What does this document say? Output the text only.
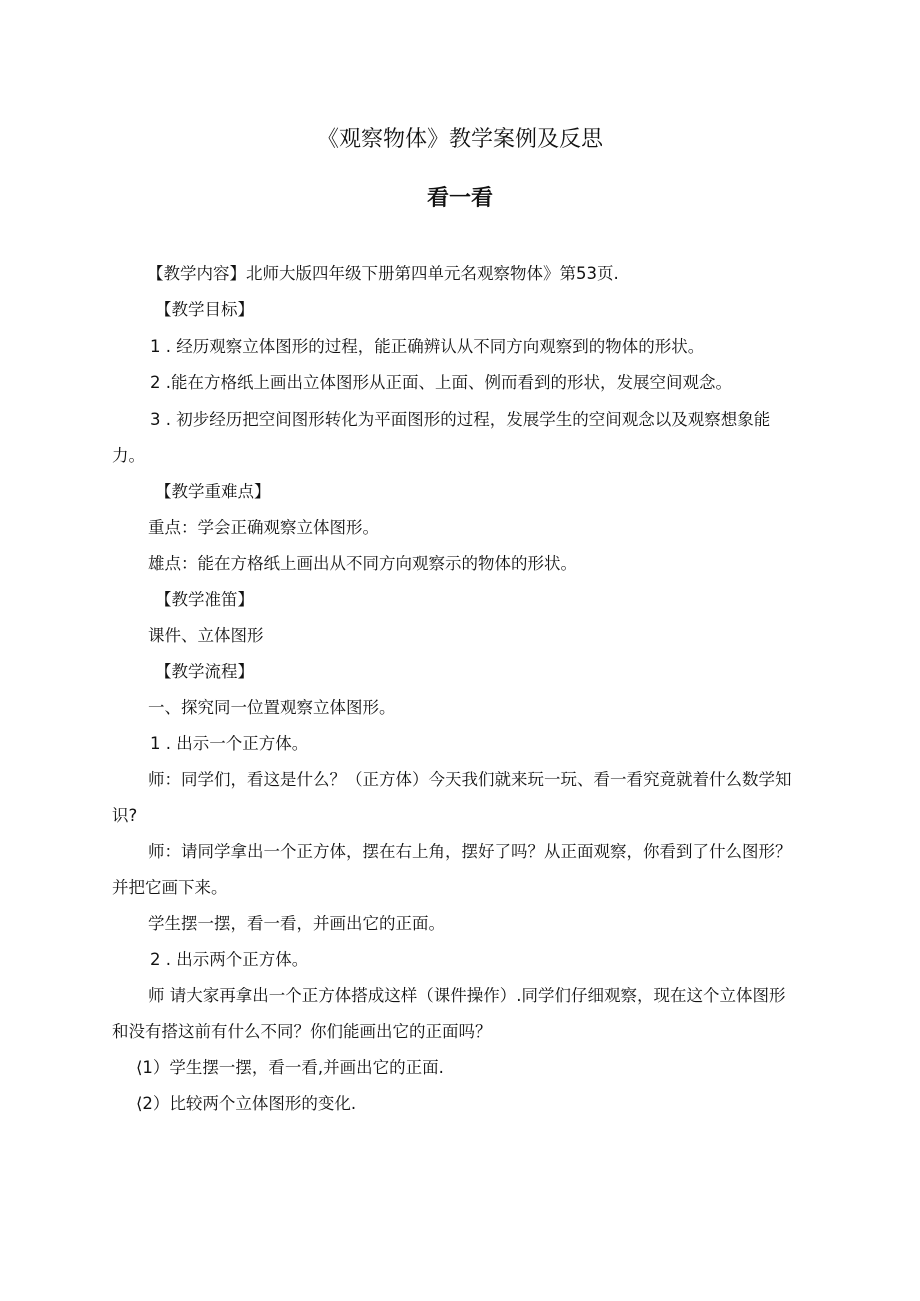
《观察物体》教学案例及反思
看一看
【教学内容】北师大版四年级下册第四单元名观察物体》第53页.
【教学目标】
1 . 经历观察立体图形的过程，能正确辨认从不同方向观察到的物体的形状。
2 .能在方格纸上画出立体图形从正面、上面、例而看到的形状，发展空间观念。
3 . 初步经历把空间图形转化为平面图形的过程，发展学生的空间观念以及观察想象能
力。
【教学重难点】
重点：学会正确观察立体图形。
雄点：能在方格纸上画出从不同方向观察示的物体的形状。
【教学准笛】
课件、立体图形
【教学流程】
一、探究同一位置观察立体图形。
1 . 出示一个正方体。
师：同学们，看这是什么？（正方体）今天我们就来玩一玩、看一看究竟就着什么数学知
识?
师：请同学拿出一个正方体，摆在右上角，摆好了吗？从正面观察，你看到了什么图形？
并把它画下来。
学生摆一摆，看一看，并画出它的正面。
2 . 出示两个正方体。
师 请大家再拿出一个正方体搭成这样（课件操作）.同学们仔细观察，现在这个立体图形
和没有搭这前有什么不同？你们能画出它的正面吗？
⟨1）学生摆一摆，看一看,并画出它的正面.
⟨2）比较两个立体图形的变化.
